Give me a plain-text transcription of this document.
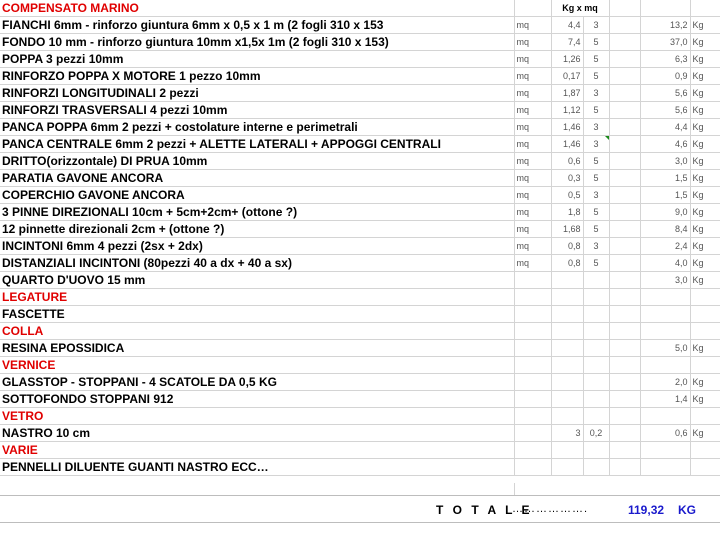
COMPENSATO MARINO		Kg x mq				
FIANCHI 6mm - rinforzo giuntura 6mm x 0,5 x 1 m (2 fogli 310 x 153	mq	4,4	3		13,2	Kg
FONDO 10 mm - rinforzo giuntura 10mm x1,5x 1m (2 fogli 310 x 153)	mq	7,4	5		37,0	Kg
POPPA 3 pezzi 10mm	mq	1,26	5		6,3	Kg
RINFORZO POPPA X MOTORE 1 pezzo 10mm	mq	0,17	5		0,9	Kg
RINFORZI LONGITUDINALI 2 pezzi	mq	1,87	3		5,6	Kg
RINFORZI TRASVERSALI 4 pezzi 10mm	mq	1,12	5		5,6	Kg
PANCA POPPA 6mm 2 pezzi + costolature interne e perimetrali	mq	1,46	3		4,4	Kg
PANCA CENTRALE 6mm 2 pezzi + ALETTE LATERALI + APPOGGI CENTRALI	mq	1,46	3		4,6	Kg
DRITTO(orizzontale) DI PRUA 10mm	mq	0,6	5		3,0	Kg
PARATIA GAVONE ANCORA	mq	0,3	5		1,5	Kg
COPERCHIO GAVONE ANCORA	mq	0,5	3		1,5	Kg
3 PINNE DIREZIONALI 10cm + 5cm+2cm+ (ottone ?)	mq	1,8	5		9,0	Kg
12 pinnette direzionali 2cm + (ottone ?)	mq	1,68	5		8,4	Kg
INCINTONI 6mm 4 pezzi (2sx + 2dx)	mq	0,8	3		2,4	Kg
DISTANZIALI INCINTONI (80pezzi 40 a dx + 40 a sx)	mq	0,8	5		4,0	Kg
QUARTO D'UOVO 15 mm					3,0	Kg
LEGATURE						
FASCETTE						
COLLA						
RESINA EPOSSIDICA					5,0	Kg
VERNICE						
GLASSTOP - STOPPANI - 4 SCATOLE DA 0,5 KG					2,0	Kg
SOTTOFONDO STOPPANI 912					1,4	Kg
VETRO						
NASTRO 10 cm		3	0,2		0,6	Kg
VARIE						
PENNELLI DILUENTE GUANTI NASTRO ECC…						
T O T A L E
……………….	119,32 KG
